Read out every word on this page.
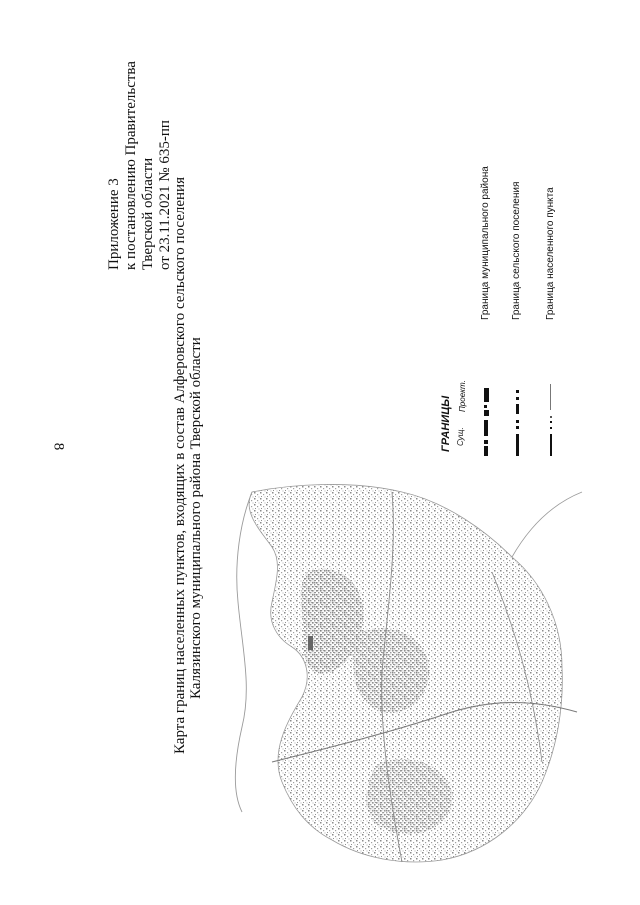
8
Приложение 3 к постановлению Правительства Тверской области от 23.11.2021 № 635-пп Карта границ населенных пунктов, входящих в состав Алферовского сельского поселения Калязинского муниципального района Тверской области	ГРАНИЦЫ Сущ.
Проект.
Граница муниципального района Граница сельского поселения Граница населенного пункта
